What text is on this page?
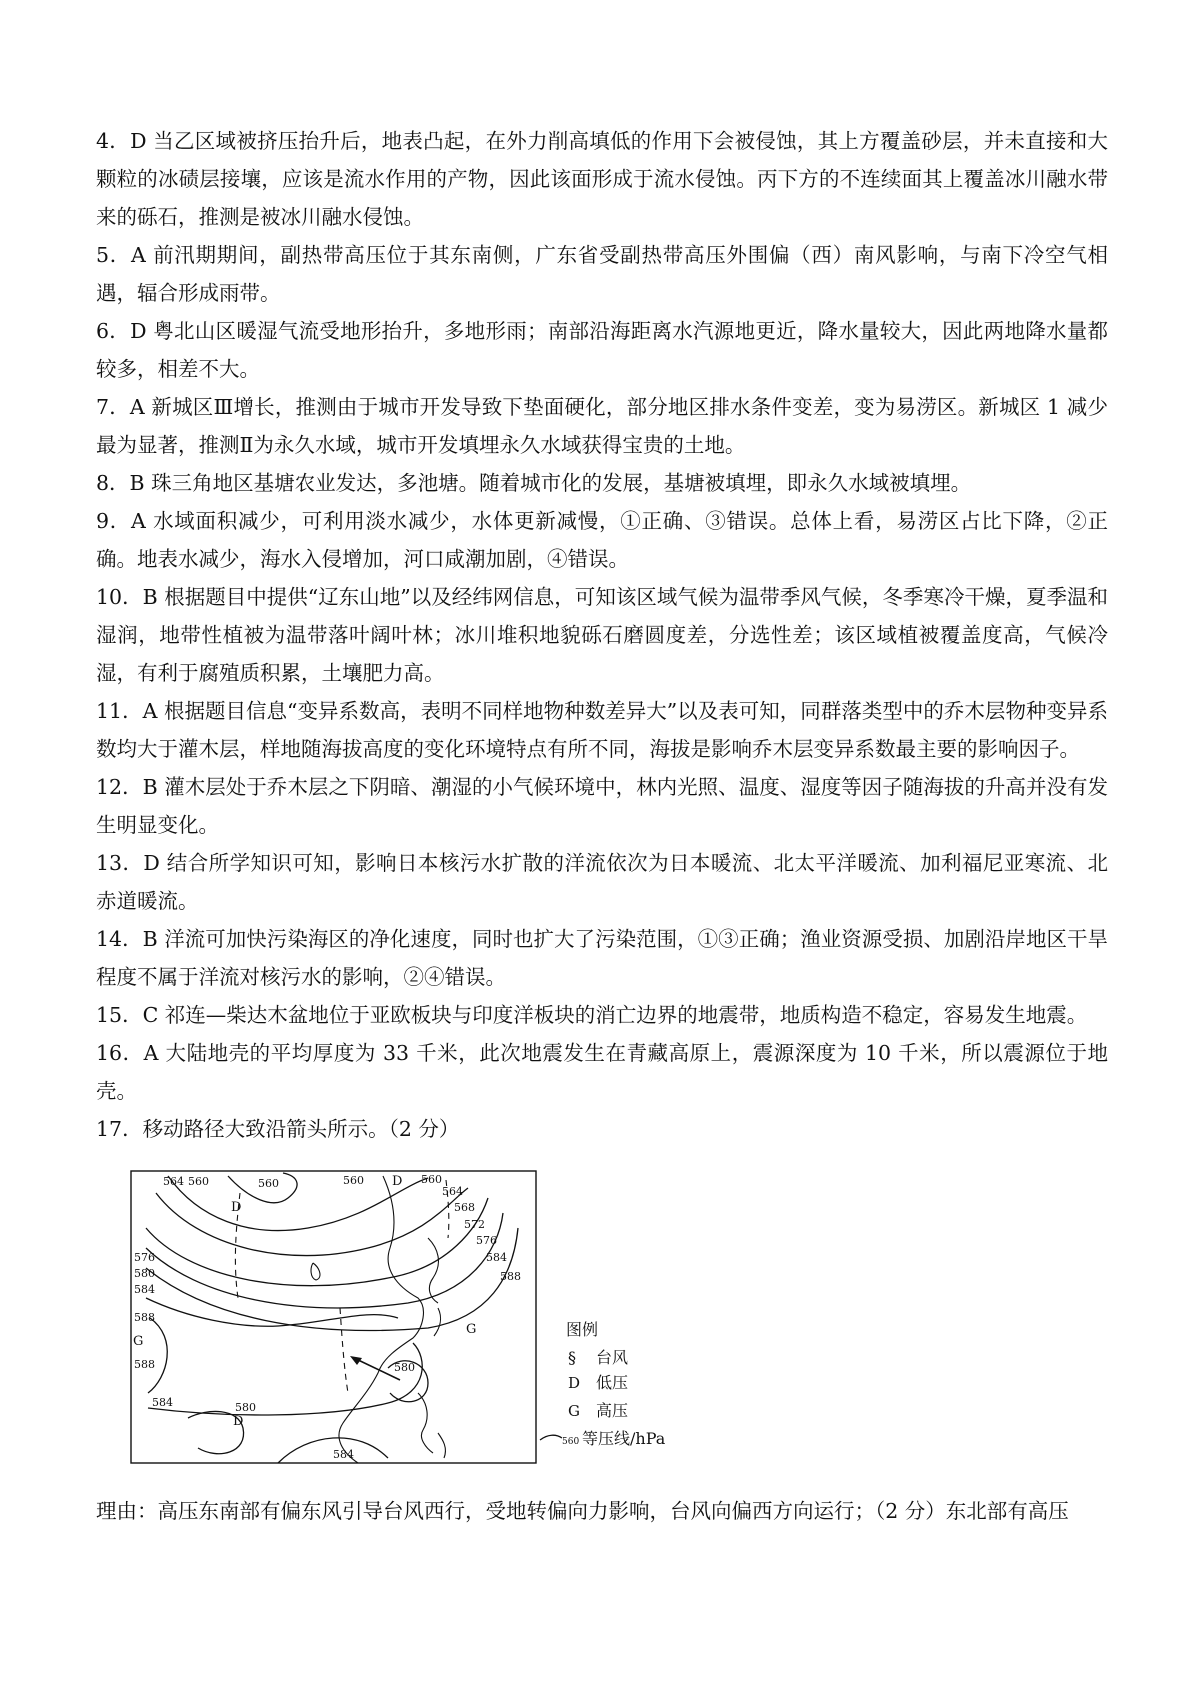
4．D 当乙区域被挤压抬升后，地表凸起，在外力削高填低的作用下会被侵蚀，其上方覆盖砂层，并未直接和大颗粒的冰碛层接壤，应该是流水作用的产物，因此该面形成于流水侵蚀。丙下方的不连续面其上覆盖冰川融水带来的砾石，推测是被冰川融水侵蚀。

5．A 前汛期期间，副热带高压位于其东南侧，广东省受副热带高压外围偏（西）南风影响，与南下冷空气相遇，辐合形成雨带。

6．D 粤北山区暖湿气流受地形抬升，多地形雨；南部沿海距离水汽源地更近，降水量较大，因此两地降水量都较多，相差不大。

7．A 新城区Ⅲ增长，推测由于城市开发导致下垫面硬化，部分地区排水条件变差，变为易涝区。新城区 1 减少最为显著，推测Ⅱ为永久水域，城市开发填埋永久水域获得宝贵的土地。

8．B 珠三角地区基塘农业发达，多池塘。随着城市化的发展，基塘被填埋，即永久水域被填埋。

9．A 水域面积减少，可利用淡水减少，水体更新减慢，①正确、③错误。总体上看，易涝区占比下降，②正确。地表水减少，海水入侵增加，河口咸潮加剧，④错误。

10．B 根据题目中提供“辽东山地”以及经纬网信息，可知该区域气候为温带季风气候，冬季寒冷干燥，夏季温和湿润，地带性植被为温带落叶阔叶林；冰川堆积地貌砾石磨圆度差，分选性差；该区域植被覆盖度高，气候冷湿，有利于腐殖质积累，土壤肥力高。

11．A 根据题目信息“变异系数高，表明不同样地物种数差异大”以及表可知，同群落类型中的乔木层物种变异系数均大于灌木层，样地随海拔高度的变化环境特点有所不同，海拔是影响乔木层变异系数最主要的影响因子。

12．B 灌木层处于乔木层之下阴暗、潮湿的小气候环境中，林内光照、温度、湿度等因子随海拔的升高并没有发生明显变化。

13．D 结合所学知识可知，影响日本核污水扩散的洋流依次为日本暖流、北太平洋暖流、加利福尼亚寒流、北赤道暖流。

14．B 洋流可加快污染海区的净化速度，同时也扩大了污染范围，①③正确；渔业资源受损、加剧沿岸地区干旱程度不属于洋流对核污水的影响，②④错误。

15．C 祁连—柴达木盆地位于亚欧板块与印度洋板块的消亡边界的地震带，地质构造不稳定，容易发生地震。

16．A 大陆地壳的平均厚度为 33 千米，此次地震发生在青藏高原上，震源深度为 10 千米，所以震源位于地壳。

17．移动路径大致沿箭头所示。（2 分）

564 560	560	560	560
564
568
572
576
584
588
576
580
584
588
588
584	580
580
584
D
D
D
G
G
图例
§ 台风
D 低压
G 高压
560 等压线/hPa

理由：高压东南部有偏东风引导台风西行，受地转偏向力影响，台风向偏西方向运行；（2 分）东北部有高压
